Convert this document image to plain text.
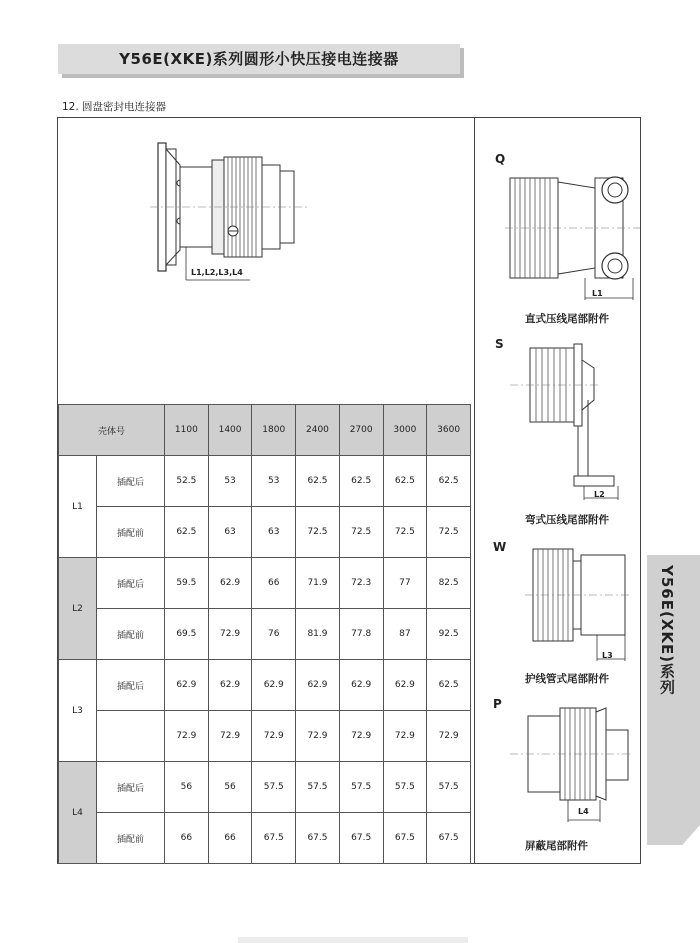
Y56E(XKE)系列圆形小快压接电连接器
12. 圆盘密封电连接器
L1,L2,L3,L4
Q
L1
直式压线尾部附件
S
L2
弯式压线尾部附件
W
L3
护线管式尾部附件
P
L4
屏蔽尾部附件
壳体号		1100	1400	1800	2400	2700	3000	3600
L1	插配后	52.5	53	53	62.5	62.5	62.5	62.5
	插配前	62.5	63	63	72.5	72.5	72.5	72.5
L2	插配后	59.5	62.9	66	71.9	72.3	77	82.5
	插配前	69.5	72.9	76	81.9	77.8	87	92.5
L3	插配后	62.9	62.9	62.9	62.9	62.9	62.9	62.5
		72.9	72.9	72.9	72.9	72.9	72.9	72.9
L4	插配后	56	56	57.5	57.5	57.5	57.5	57.5
	插配前	66	66	67.5	67.5	67.5	67.5	67.5
Y56E(XKE)系列
